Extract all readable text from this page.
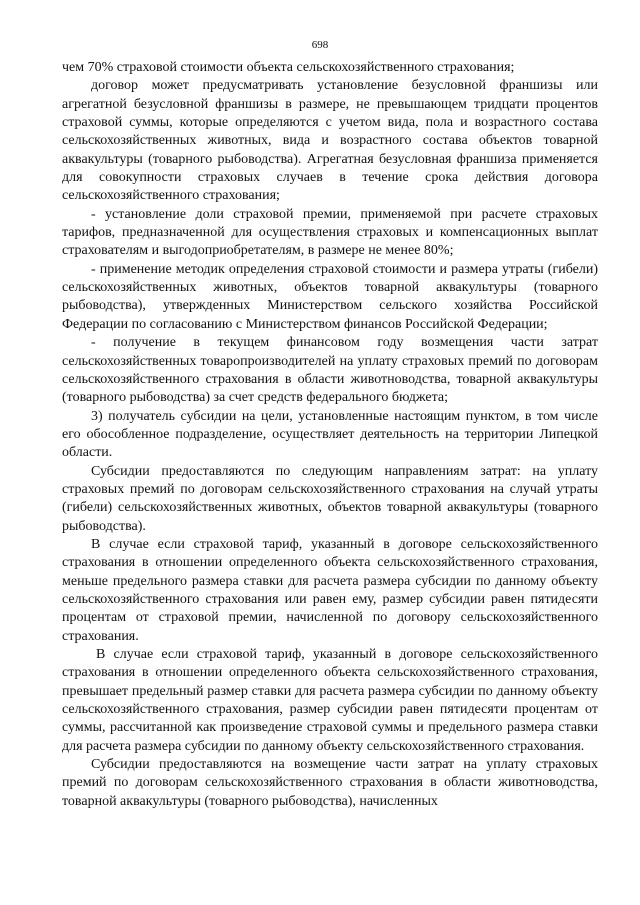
698

чем 70% страховой стоимости объекта сельскохозяйственного страхования;

договор может предусматривать установление безусловной франшизы или агрегатной безусловной франшизы в размере, не превышающем тридцати процентов страховой суммы, которые определяются с учетом вида, пола и возрастного состава сельскохозяйственных животных, вида и возрастного состава объектов товарной аквакультуры (товарного рыбоводства). Агрегатная безусловная франшиза применяется для совокупности страховых случаев в течение срока действия договора сельскохозяйственного страхования;

- установление доли страховой премии, применяемой при расчете страховых тарифов, предназначенной для осуществления страховых и компенсационных выплат страхователям и выгодоприобретателям, в размере не менее 80%;

- применение методик определения страховой стоимости и размера утраты (гибели) сельскохозяйственных животных, объектов товарной аквакультуры (товарного рыбоводства), утвержденных Министерством сельского хозяйства Российской Федерации по согласованию с Министерством финансов Российской Федерации;

- получение в текущем финансовом году возмещения части затрат сельскохозяйственных товаропроизводителей на уплату страховых премий по договорам сельскохозяйственного страхования в области животноводства, товарной аквакультуры (товарного рыбоводства) за счет средств федерального бюджета;

3) получатель субсидии на цели, установленные настоящим пунктом, в том числе его обособленное подразделение, осуществляет деятельность на территории Липецкой области.

Субсидии предоставляются по следующим направлениям затрат: на уплату страховых премий по договорам сельскохозяйственного страхования на случай утраты (гибели) сельскохозяйственных животных, объектов товарной аквакультуры (товарного рыбоводства).

В случае если страховой тариф, указанный в договоре сельскохозяйственного страхования в отношении определенного объекта сельскохозяйственного страхования, меньше предельного размера ставки для расчета размера субсидии по данному объекту сельскохозяйственного страхования или равен ему, размер субсидии равен пятидесяти процентам от страховой премии, начисленной по договору сельскохозяйственного страхования.

В случае если страховой тариф, указанный в договоре сельскохозяйственного страхования в отношении определенного объекта сельскохозяйственного страхования, превышает предельный размер ставки для расчета размера субсидии по данному объекту сельскохозяйственного страхования, размер субсидии равен пятидесяти процентам от суммы, рассчитанной как произведение страховой суммы и предельного размера ставки для расчета размера субсидии по данному объекту сельскохозяйственного страхования.

Субсидии предоставляются на возмещение части затрат на уплату страховых премий по договорам сельскохозяйственного страхования в области животноводства, товарной аквакультуры (товарного рыбоводства), начисленных
